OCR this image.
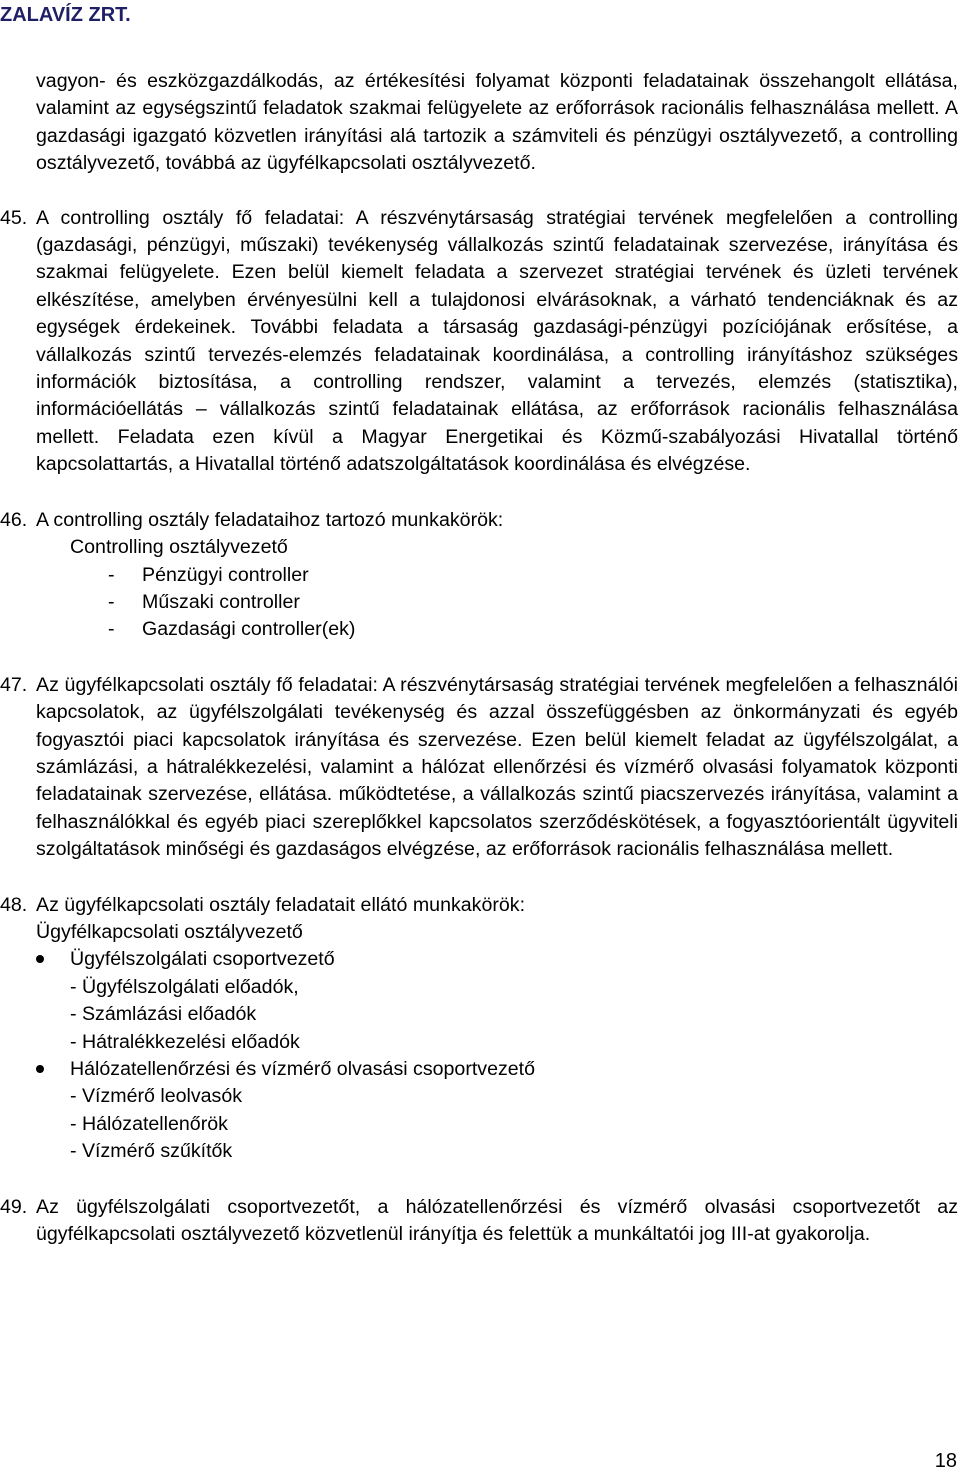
ZALAVÍZ ZRT.

vagyon- és eszközgazdálkodás, az értékesítési folyamat központi feladatainak összehangolt ellátása, valamint az egységszintű feladatok szakmai felügyelete az erőforrások racionális felhasználása mellett. A gazdasági igazgató közvetlen irányítási alá tartozik a számviteli és pénzügyi osztályvezető, a controlling osztályvezető, továbbá az ügyfélkapcsolati osztályvezető.

45. A controlling osztály fő feladatai: A részvénytársaság stratégiai tervének megfelelően a controlling (gazdasági, pénzügyi, műszaki) tevékenység vállalkozás szintű feladatainak szervezése, irányítása és szakmai felügyelete. Ezen belül kiemelt feladata a szervezet stratégiai tervének és üzleti tervének elkészítése, amelyben érvényesülni kell a tulajdonosi elvárásoknak, a várható tendenciáknak és az egységek érdekeinek. További feladata a társaság gazdasági-pénzügyi pozíciójának erősítése, a vállalkozás szintű tervezés-elemzés feladatainak koordinálása, a controlling irányításhoz szükséges információk biztosítása, a controlling rendszer, valamint a tervezés, elemzés (statisztika), információellátás – vállalkozás szintű feladatainak ellátása, az erőforrások racionális felhasználása mellett. Feladata ezen kívül a Magyar Energetikai és Közmű-szabályozási Hivatallal történő kapcsolattartás, a Hivatallal történő adatszolgáltatások koordinálása és elvégzése.
46. A controlling osztály feladataihoz tartozó munkakörök:
Controlling osztályvezető
- Pénzügyi controller
- Műszaki controller
- Gazdasági controller(ek)
47. Az ügyfélkapcsolati osztály fő feladatai: A részvénytársaság stratégiai tervének megfelelően a felhasználói kapcsolatok, az ügyfélszolgálati tevékenység és azzal összefüggésben az önkormányzati és egyéb fogyasztói piaci kapcsolatok irányítása és szervezése. Ezen belül kiemelt feladat az ügyfélszolgálat, a számlázási, a hátralékkezelési, valamint a hálózat ellenőrzési és vízmérő olvasási folyamatok központi feladatainak szervezése, ellátása. működtetése, a vállalkozás szintű piacszervezés irányítása, valamint a felhasználókkal és egyéb piaci szereplőkkel kapcsolatos szerződéskötések, a fogyasztóorientált ügyviteli szolgáltatások minőségi és gazdaságos elvégzése, az erőforrások racionális felhasználása mellett.
48. Az ügyfélkapcsolati osztály feladatait ellátó munkakörök:
Ügyfélkapcsolati osztályvezető
Ügyfélszolgálati csoportvezető
- Ügyfélszolgálati előadók,
- Számlázási előadók
- Hátralékkezelési előadók
Hálózatellenőrzési és vízmérő olvasási csoportvezető
- Vízmérő leolvasók
- Hálózatellenőrök
- Vízmérő szűkítők
49. Az ügyfélszolgálati csoportvezetőt, a hálózatellenőrzési és vízmérő olvasási csoportvezetőt az ügyfélkapcsolati osztályvezető közvetlenül irányítja és felettük a munkáltatói jog III-at gyakorolja.
18
